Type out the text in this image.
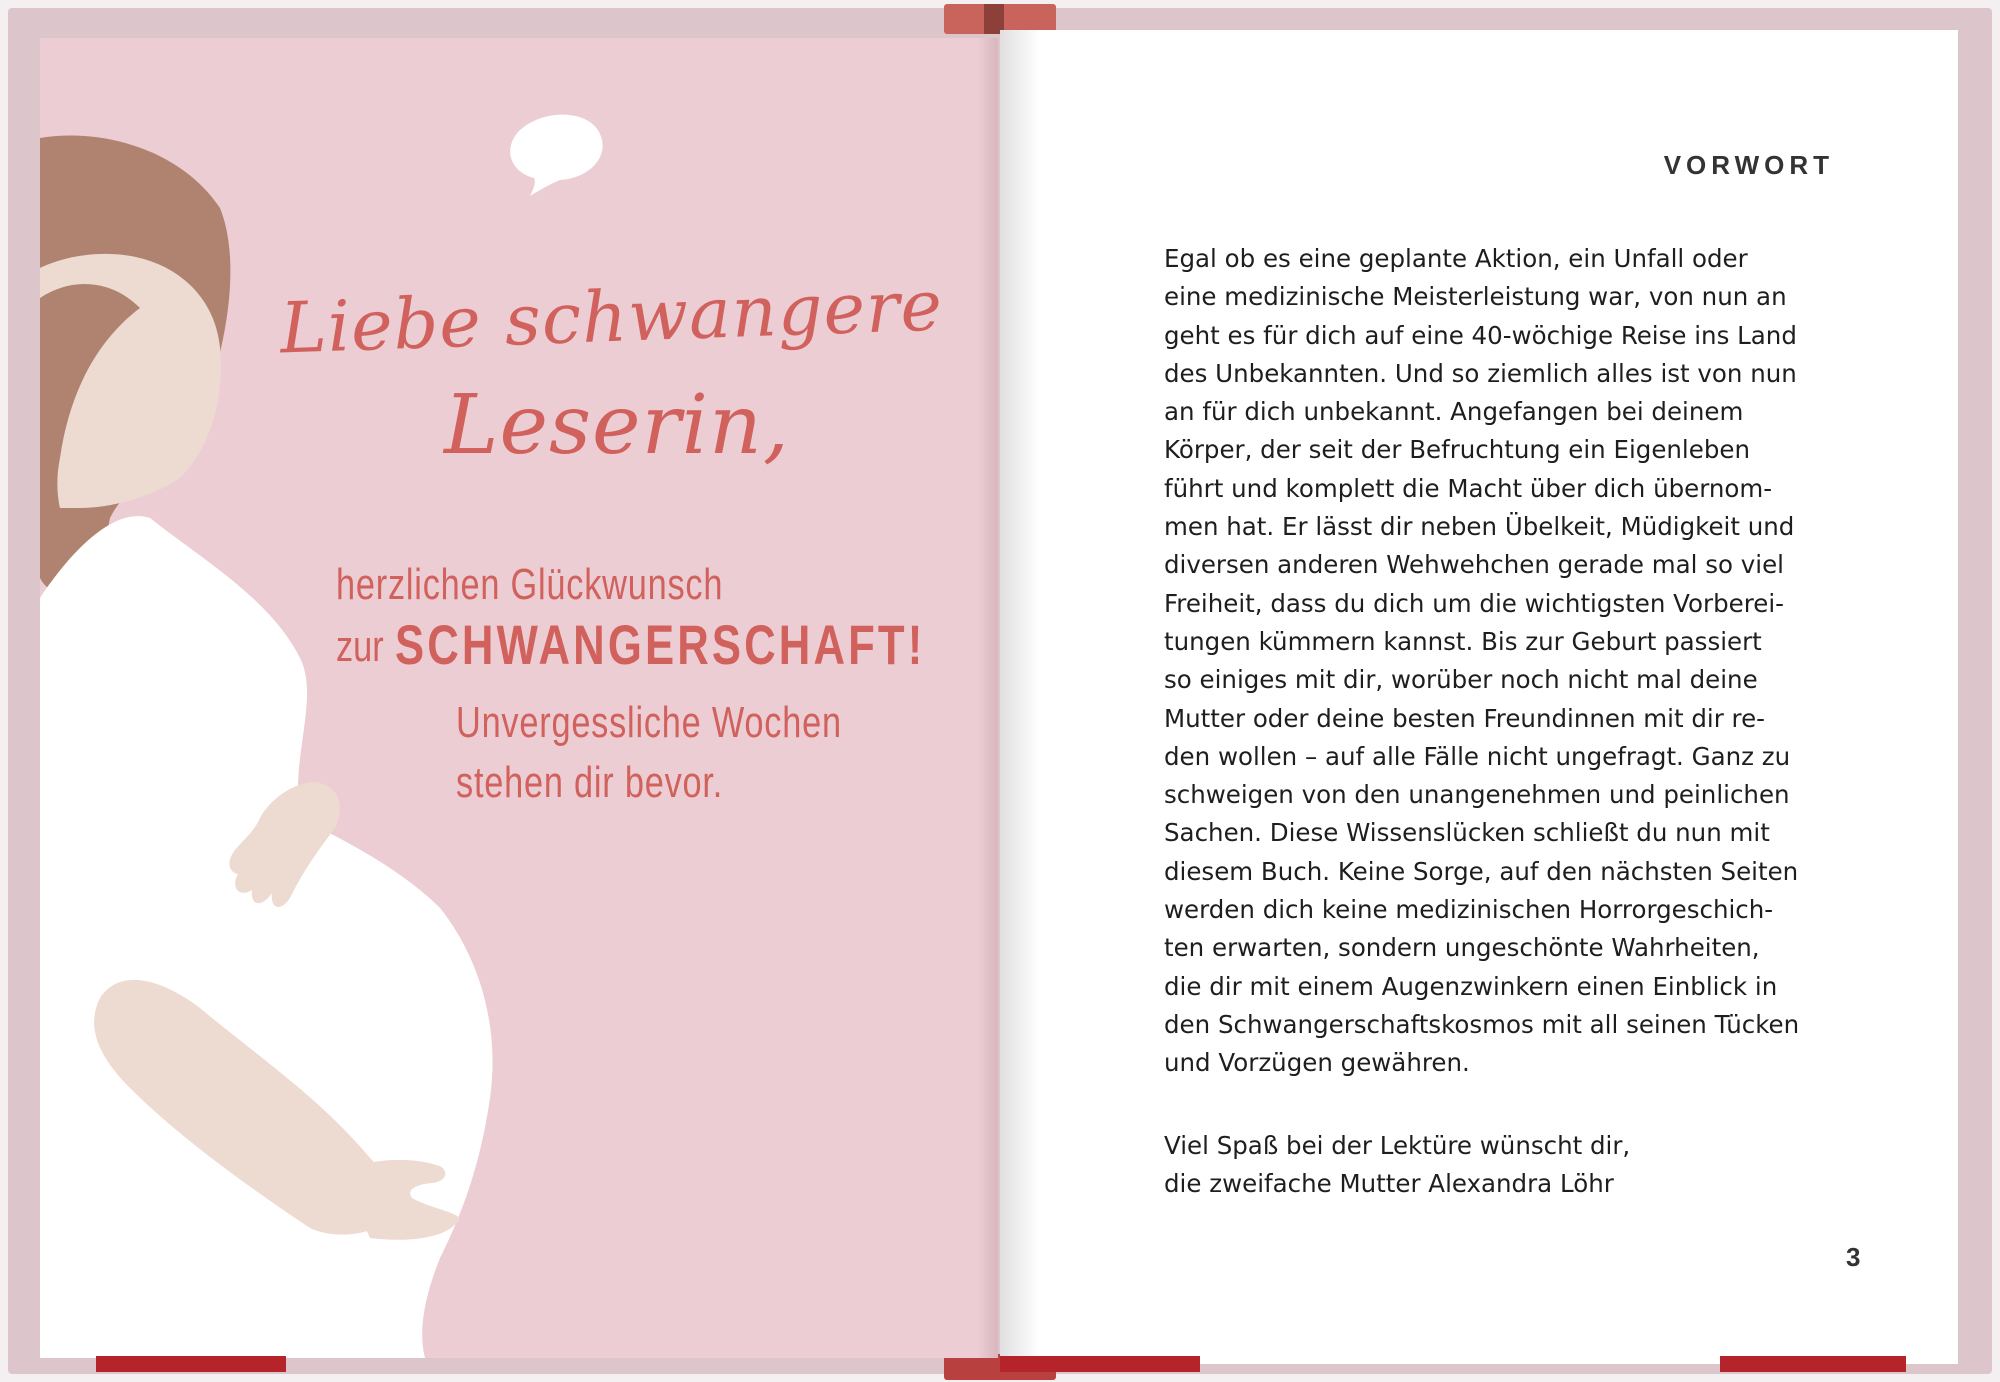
Liebe schwangere
Leserin,
herzlichen Glückwunsch
zur SCHWANGERSCHAFT!
Unvergessliche Wochen
stehen dir bevor.
VORWORT
Egal ob es eine geplante Aktion, ein Unfall oder
eine medizinische Meisterleistung war, von nun an
geht es für dich auf eine 40-wöchige Reise ins Land
des Unbekannten. Und so ziemlich alles ist von nun
an für dich unbekannt. Angefangen bei deinem
Körper, der seit der Befruchtung ein Eigenleben
führt und komplett die Macht über dich übernom-
men hat. Er lässt dir neben Übelkeit, Müdigkeit und
diversen anderen Wehwehchen gerade mal so viel
Freiheit, dass du dich um die wichtigsten Vorberei-
tungen kümmern kannst. Bis zur Geburt passiert
so einiges mit dir, worüber noch nicht mal deine
Mutter oder deine besten Freundinnen mit dir re-
den wollen – auf alle Fälle nicht ungefragt. Ganz zu
schweigen von den unangenehmen und peinlichen
Sachen. Diese Wissenslücken schließt du nun mit
diesem Buch. Keine Sorge, auf den nächsten Seiten
werden dich keine medizinischen Horrorgeschich-
ten erwarten, sondern ungeschönte Wahrheiten,
die dir mit einem Augenzwinkern einen Einblick in
den Schwangerschaftskosmos mit all seinen Tücken
und Vorzügen gewähren.
Viel Spaß bei der Lektüre wünscht dir,
die zweifache Mutter Alexandra Löhr
3
